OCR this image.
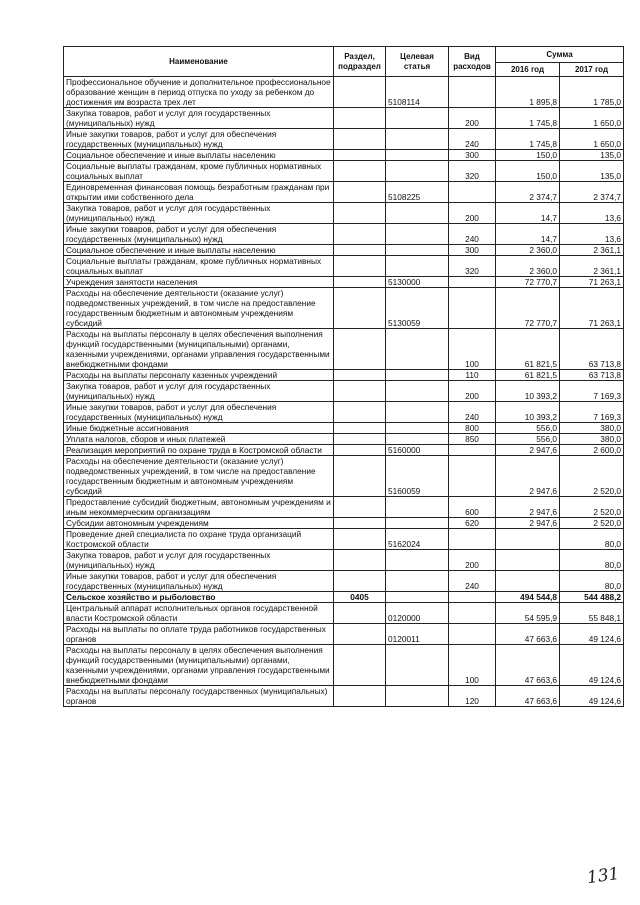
Наименование	Раздел, подраздел	Целевая статья	Вид расходов	Сумма	
				2016 год	2017 год
Профессиональное обучение и дополнительное профессиональное образование женщин в период отпуска по уходу за ребенком до достижения им возраста трех лет		5108114		1 895,8	1 785,0
Закупка товаров, работ и услуг для государственных (муниципальных) нужд			200	1 745,8	1 650,0
Иные закупки товаров, работ и услуг для обеспечения государственных (муниципальных) нужд			240	1 745,8	1 650,0
Социальное обеспечение и иные выплаты населению			300	150,0	135,0
Социальные выплаты гражданам, кроме публичных нормативных социальных выплат			320	150,0	135,0
Единовременная финансовая помощь безработным гражданам при открытии ими собственного дела		5108225		2 374,7	2 374,7
Закупка товаров, работ и услуг для государственных (муниципальных) нужд			200	14,7	13,6
Иные закупки товаров, работ и услуг для обеспечения государственных (муниципальных) нужд			240	14,7	13,6
Социальное обеспечение и иные выплаты населению			300	2 360,0	2 361,1
Социальные выплаты гражданам, кроме публичных нормативных социальных выплат			320	2 360,0	2 361,1
Учреждения занятости населения		5130000		72 770,7	71 263,1
Расходы на обеспечение деятельности (оказание услуг) подведомственных учреждений, в том числе на предоставление государственным бюджетным и автономным учреждениям субсидий		5130059		72 770,7	71 263,1
Расходы на выплаты персоналу в целях обеспечения выполнения функций государственными (муниципальными) органами, казенными учреждениями, органами управления государственными внебюджетными фондами			100	61 821,5	63 713,8
Расходы на выплаты персоналу казенных учреждений			110	61 821,5	63 713,8
Закупка товаров, работ и услуг для государственных (муниципальных) нужд			200	10 393,2	7 169,3
Иные закупки товаров, работ и услуг для обеспечения государственных (муниципальных) нужд			240	10 393,2	7 169,3
Иные бюджетные ассигнования			800	556,0	380,0
Уплата налогов, сборов и иных платежей			850	556,0	380,0
Реализация мероприятий по охране труда в Костромской области		5160000		2 947,6	2 600,0
Расходы на обеспечение деятельности (оказание услуг) подведомственных учреждений, в том числе на предоставление государственным бюджетным и автономным учреждениям субсидий		5160059		2 947,6	2 520,0
Предоставление субсидий бюджетным, автономным учреждениям и иным некоммерческим организациям			600	2 947,6	2 520,0
Субсидии автономным учреждениям			620	2 947,6	2 520,0
Проведение дней специалиста по охране труда организаций Костромской области		5162024			80,0
Закупка товаров, работ и услуг для государственных (муниципальных) нужд			200		80,0
Иные закупки товаров, работ и услуг для обеспечения государственных (муниципальных) нужд			240		80,0
Сельское хозяйство и рыболовство	0405			494 544,8	544 488,2
Центральный аппарат исполнительных органов государственной власти Костромской области		0120000		54 595,9	55 848,1
Расходы на выплаты по оплате труда работников государственных органов		0120011		47 663,6	49 124,6
Расходы на выплаты персоналу в целях обеспечения выполнения функций государственными (муниципальными) органами, казенными учреждениями, органами управления государственными внебюджетными фондами			100	47 663,6	49 124,6
Расходы на выплаты персоналу государственных (муниципальных) органов			120	47 663,6	49 124,6
131
